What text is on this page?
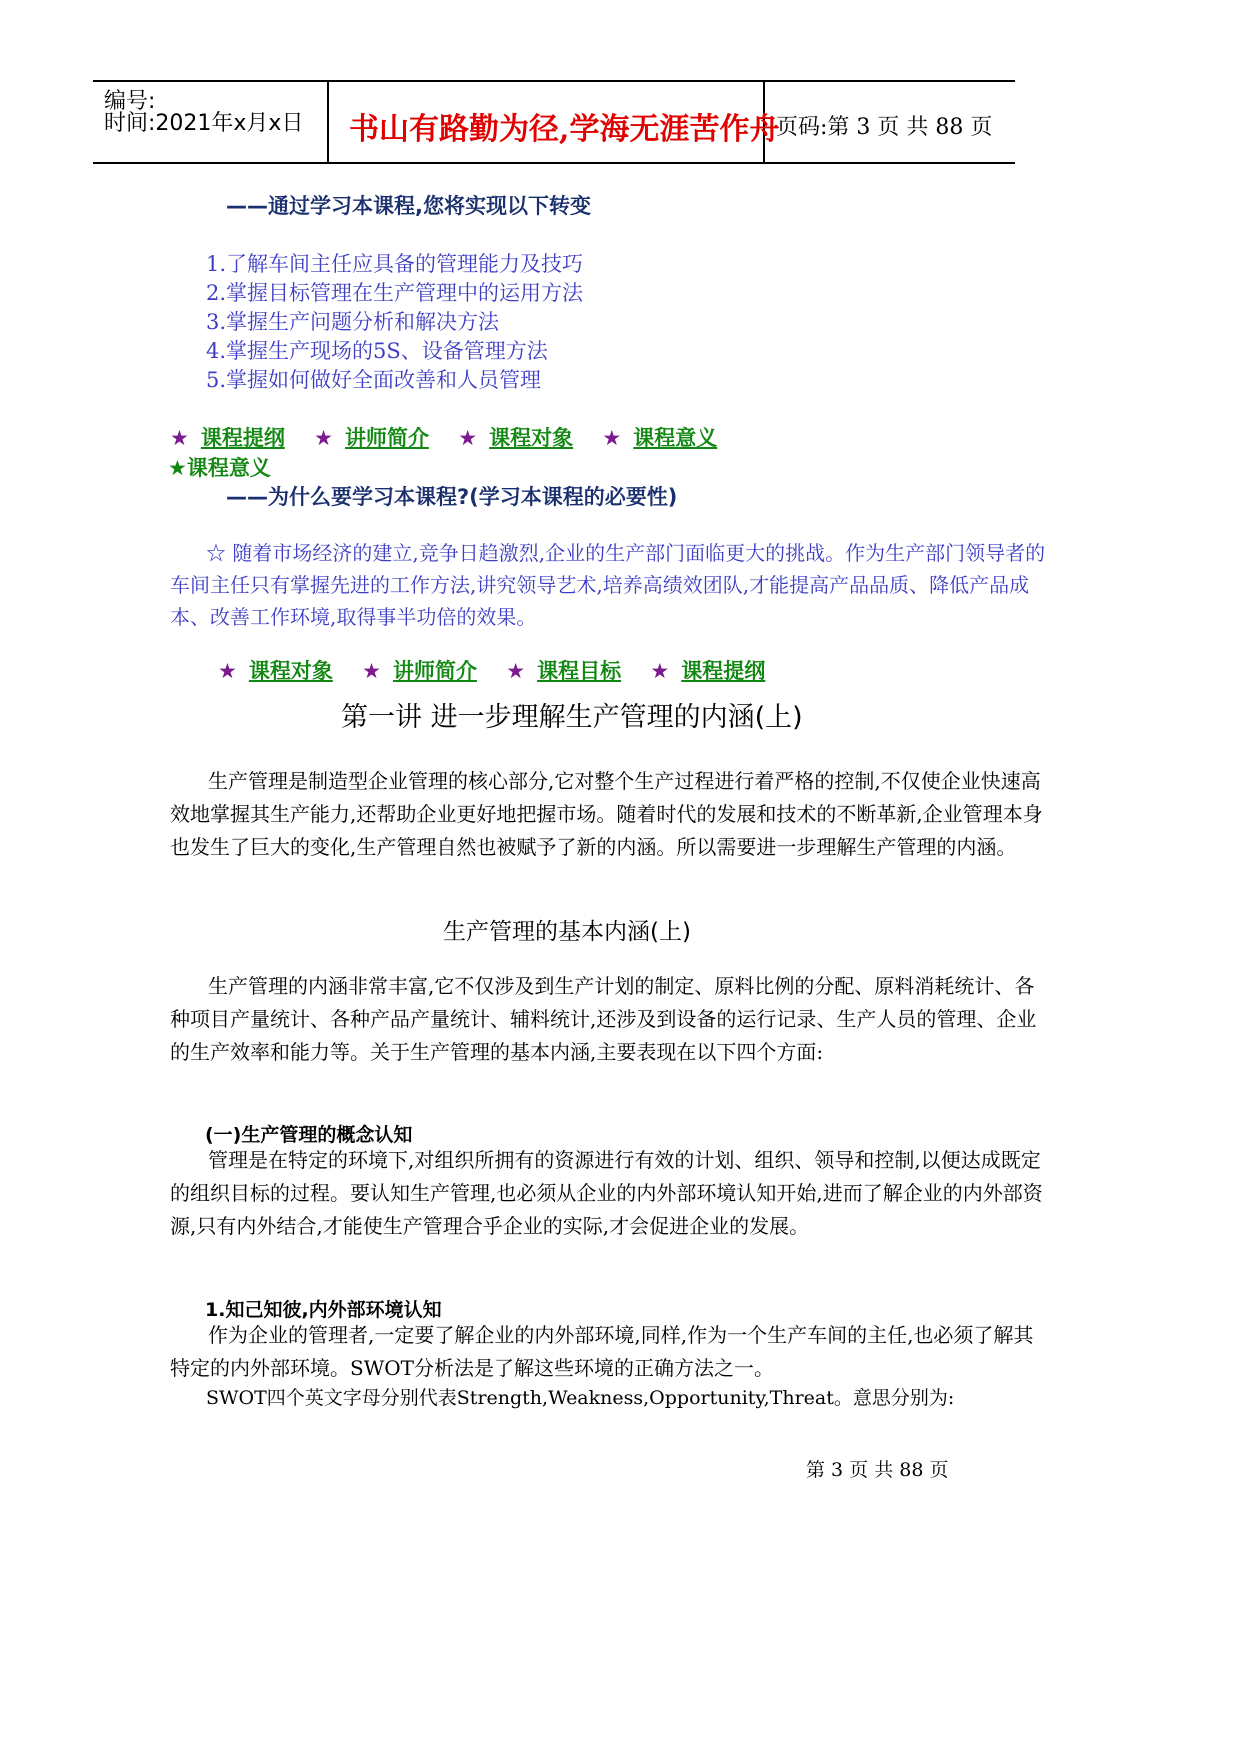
编号:
时间:2021年x月x日 书山有路勤为径,学海无涯苦作舟
页码:第 3 页 共 88 页
——通过学习本课程,您将实现以下转变
1.了解车间主任应具备的管理能力及技巧
2.掌握目标管理在生产管理中的运用方法
3.掌握生产问题分析和解决方法
4.掌握生产现场的5S、设备管理方法
5.掌握如何做好全面改善和人员管理
★ 课程提纲 ★ 讲师简介 ★ 课程对象 ★ 课程意义
★课程意义
——为什么要学习本课程?(学习本课程的必要性)
☆ 随着市场经济的建立,竞争日趋激烈,企业的生产部门面临更大的挑战。作为生产部门领导者的车间主任只有掌握先进的工作方法,讲究领导艺术,培养高绩效团队,才能提高产品品质、降低产品成本、改善工作环境,取得事半功倍的效果。
★ 课程对象 ★ 讲师简介 ★ 课程目标 ★ 课程提纲
第一讲 进一步理解生产管理的内涵(上)
生产管理是制造型企业管理的核心部分,它对整个生产过程进行着严格的控制,不仅使企业快速高效地掌握其生产能力,还帮助企业更好地把握市场。随着时代的发展和技术的不断革新,企业管理本身也发生了巨大的变化,生产管理自然也被赋予了新的内涵。所以需要进一步理解生产管理的内涵。
生产管理的基本内涵(上)
生产管理的内涵非常丰富,它不仅涉及到生产计划的制定、原料比例的分配、原料消耗统计、各种项目产量统计、各种产品产量统计、辅料统计,还涉及到设备的运行记录、生产人员的管理、企业的生产效率和能力等。关于生产管理的基本内涵,主要表现在以下四个方面:
(一)生产管理的概念认知
管理是在特定的环境下,对组织所拥有的资源进行有效的计划、组织、领导和控制,以便达成既定的组织目标的过程。要认知生产管理,也必须从企业的内外部环境认知开始,进而了解企业的内外部资源,只有内外结合,才能使生产管理合乎企业的实际,才会促进企业的发展。
1.知己知彼,内外部环境认知
作为企业的管理者,一定要了解企业的内外部环境,同样,作为一个生产车间的主任,也必须了解其特定的内外部环境。SWOT分析法是了解这些环境的正确方法之一。
SWOT四个英文字母分别代表Strength,Weakness,Opportunity,Threat。意思分别为:
第 3 页 共 88 页
